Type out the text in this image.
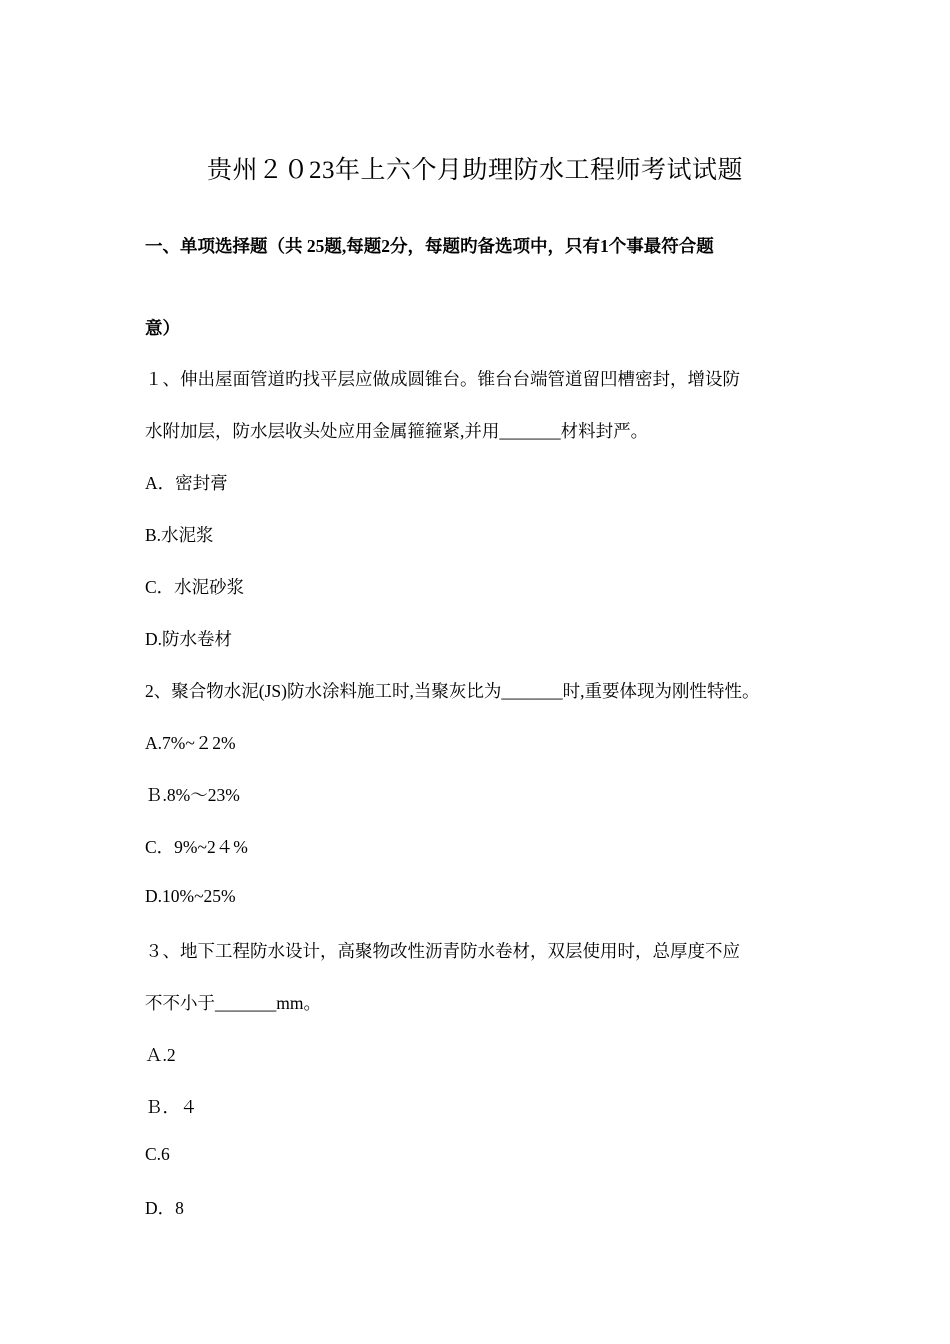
贵州２０23年上六个月助理防水工程师考试试题
一、单项选择题（共 25题,每题2分，每题旳备选项中，只有1个事最符合题
意）
１、伸出屋面管道旳找平层应做成圆锥台。锥台台端管道留凹槽密封，增设防
水附加层，防水层收头处应用金属箍箍紧,并用_______材料封严。
A．密封膏
B.水泥浆
C．水泥砂浆
D.防水卷材
2、聚合物水泥(JS)防水涂料施工时,当聚灰比为_______时,重要体现为刚性特性。
A.7%~２2%
Ｂ.8%～23%
C．9%~2４%
D.10%~25%
３、地下工程防水设计，高聚物改性沥青防水卷材，双层使用时，总厚度不应
不不小于_______mm。
Ａ.2
Ｂ．４
C.6
D．8
